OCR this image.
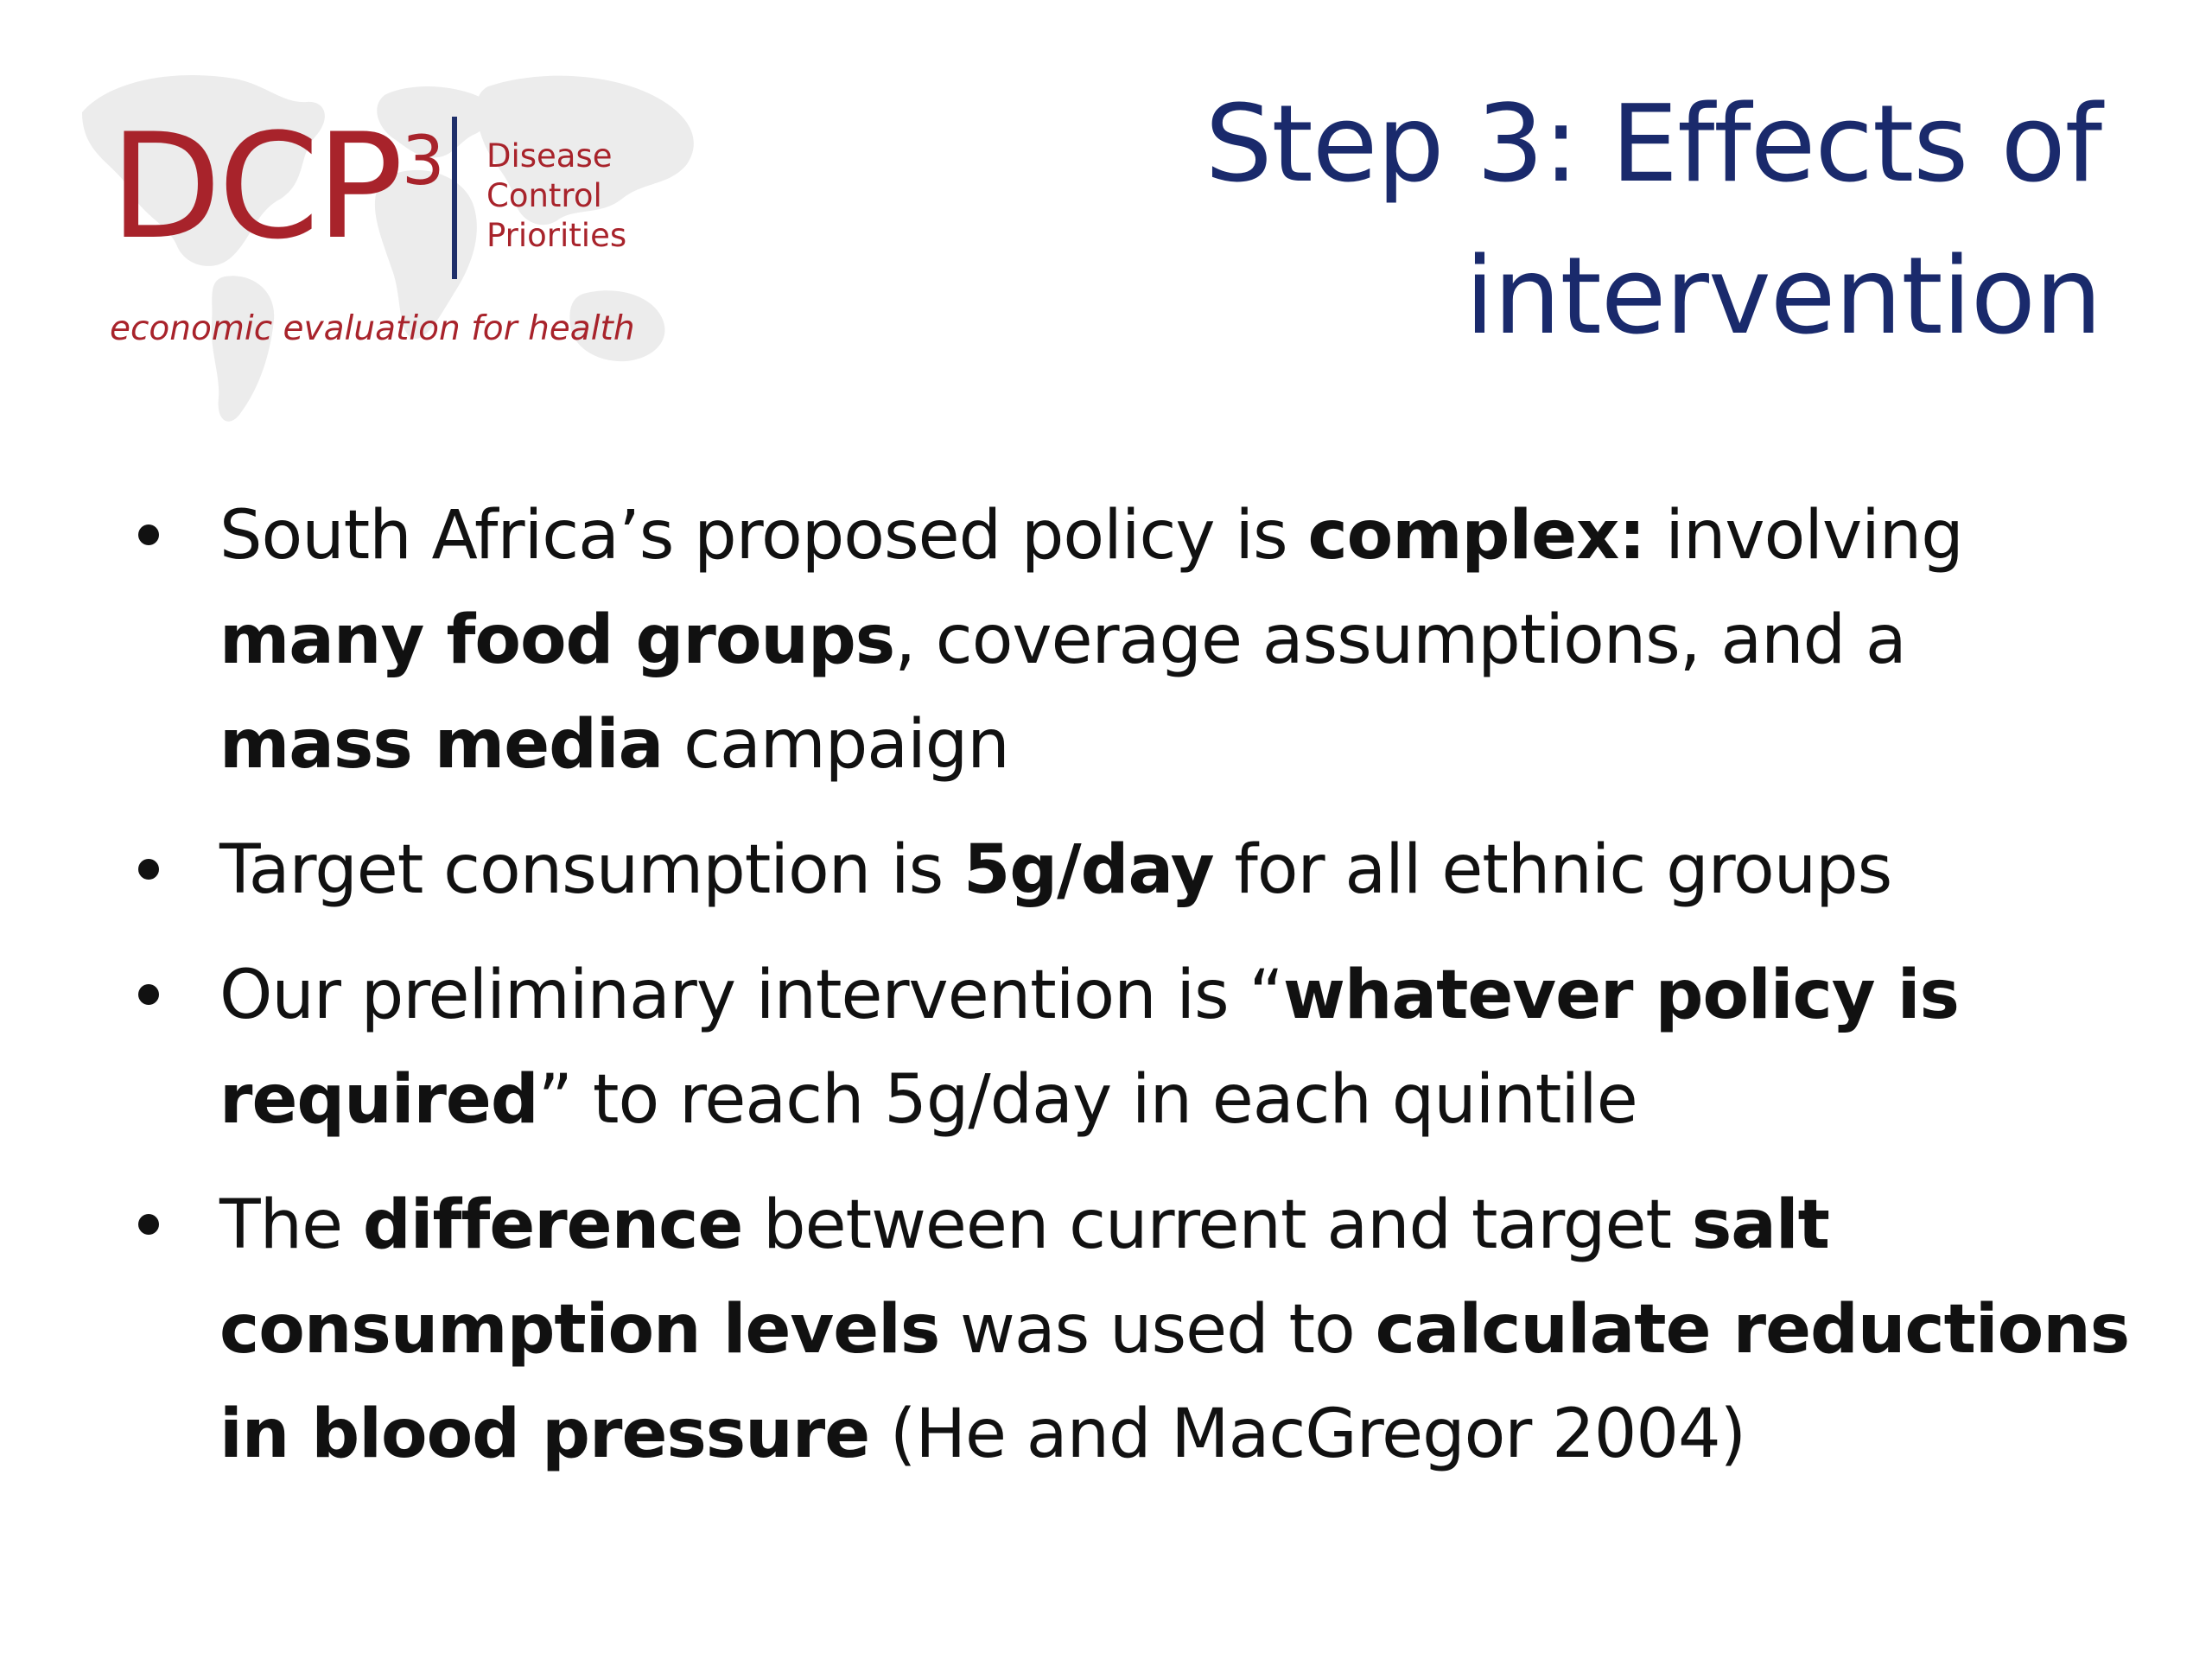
DCP$^3$ Disease
Control
Priorities
economic evaluation for health
Step 3: Effects of
intervention
South Africa’s proposed policy is complex: involving
many food groups, coverage assumptions, and a
mass media campaign
Target consumption is 5g/day for all ethnic groups
Our preliminary intervention is “whatever policy is
required” to reach 5g/day in each quintile
The difference between current and target salt
consumption levels was used to calculate reductions
in blood pressure (He and MacGregor 2004)
